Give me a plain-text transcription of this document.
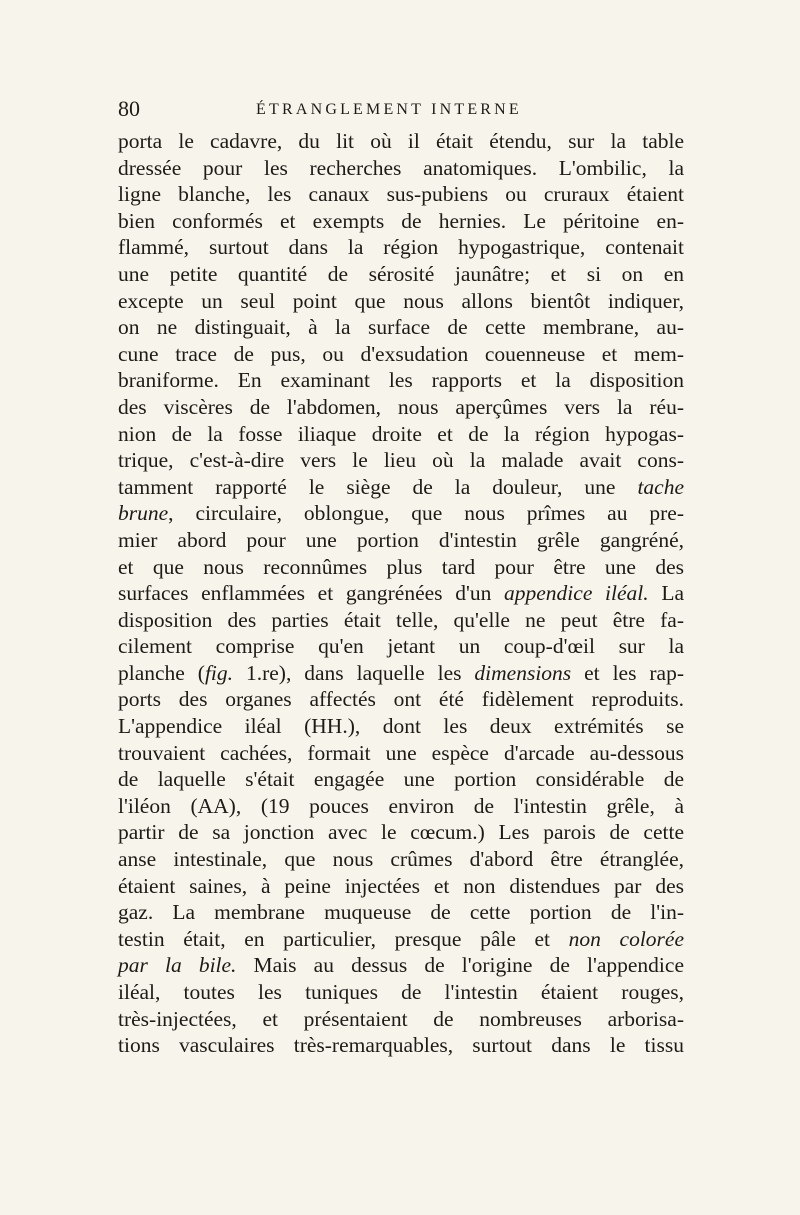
80	ÉTRANGLEMENT INTERNE
porta le cadavre, du lit où il était étendu, sur la table
dressée pour les recherches anatomiques. L'ombilic, la
ligne blanche, les canaux sus-pubiens ou cruraux étaient
bien conformés et exempts de hernies. Le péritoine en-
flammé, surtout dans la région hypogastrique, contenait
une petite quantité de sérosité jaunâtre; et si on en
excepte un seul point que nous allons bientôt indiquer,
on ne distinguait, à la surface de cette membrane, au-
cune trace de pus, ou d'exsudation couenneuse et mem-
braniforme. En examinant les rapports et la disposition
des viscères de l'abdomen, nous aperçûmes vers la réu-
nion de la fosse iliaque droite et de la région hypogas-
trique, c'est-à-dire vers le lieu où la malade avait cons-
tamment rapporté le siège de la douleur, une tache
brune, circulaire, oblongue, que nous prîmes au pre-
mier abord pour une portion d'intestin grêle gangréné,
et que nous reconnûmes plus tard pour être une des
surfaces enflammées et gangrénées d'un appendice iléal. La
disposition des parties était telle, qu'elle ne peut être fa-
cilement comprise qu'en jetant un coup-d'œil sur la
planche (fig. 1.re), dans laquelle les dimensions et les rap-
ports des organes affectés ont été fidèlement reproduits.
L'appendice iléal (HH.), dont les deux extrémités se
trouvaient cachées, formait une espèce d'arcade au-dessous
de laquelle s'était engagée une portion considérable de
l'iléon (AA), (19 pouces environ de l'intestin grêle, à
partir de sa jonction avec le cœcum.) Les parois de cette
anse intestinale, que nous crûmes d'abord être étranglée,
étaient saines, à peine injectées et non distendues par des
gaz. La membrane muqueuse de cette portion de l'in-
testin était, en particulier, presque pâle et non colorée
par la bile. Mais au dessus de l'origine de l'appendice
iléal, toutes les tuniques de l'intestin étaient rouges,
très-injectées, et présentaient de nombreuses arborisa-
tions vasculaires très-remarquables, surtout dans le tissu
